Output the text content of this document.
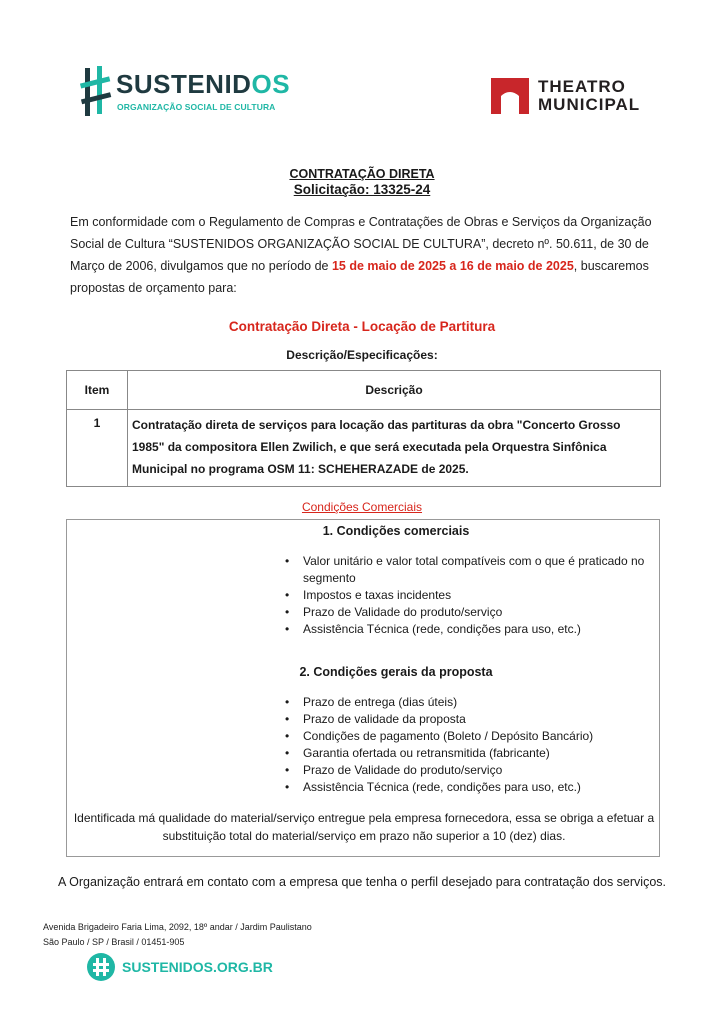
SUSTENIDOS
ORGANIZAÇÃO SOCIAL DE CULTURA
THEATRO
MUNICIPAL
CONTRATAÇÃO DIRETA
Solicitação: 13325-24
Em conformidade com o Regulamento de Compras e Contratações de Obras e Serviços da Organização Social de Cultura “SUSTENIDOS ORGANIZAÇÃO SOCIAL DE CULTURA”, decreto nº. 50.611, de 30 de Março de 2006, divulgamos que no período de 15 de maio de 2025 a 16 de maio de 2025, buscaremos propostas de orçamento para:
Contratação Direta - Locação de Partitura
Descrição/Especificações:
Item	Descrição
1	Contratação direta de serviços para locação das partituras da obra "Concerto Grosso 1985" da compositora Ellen Zwilich, e que será executada pela Orquestra Sinfônica Municipal no programa OSM 11: SCHEHERAZADE de 2025.
Condições Comerciais
1. Condições comerciais
• Valor unitário e valor total compatíveis com o que é praticado no segmento
• Impostos e taxas incidentes
• Prazo de Validade do produto/serviço
• Assistência Técnica (rede, condições para uso, etc.)
2. Condições gerais da proposta
• Prazo de entrega (dias úteis)
• Prazo de validade da proposta
• Condições de pagamento (Boleto / Depósito Bancário)
• Garantia ofertada ou retransmitida (fabricante)
• Prazo de Validade do produto/serviço
• Assistência Técnica (rede, condições para uso, etc.)
Identificada má qualidade do material/serviço entregue pela empresa fornecedora, essa se obriga a efetuar a substituição total do material/serviço em prazo não superior a 10 (dez) dias.
A Organização entrará em contato com a empresa que tenha o perfil desejado para contratação dos serviços.
Avenida Brigadeiro Faria Lima, 2092, 18º andar / Jardim Paulistano
São Paulo / SP / Brasil / 01451-905
SUSTENIDOS.ORG.BR
